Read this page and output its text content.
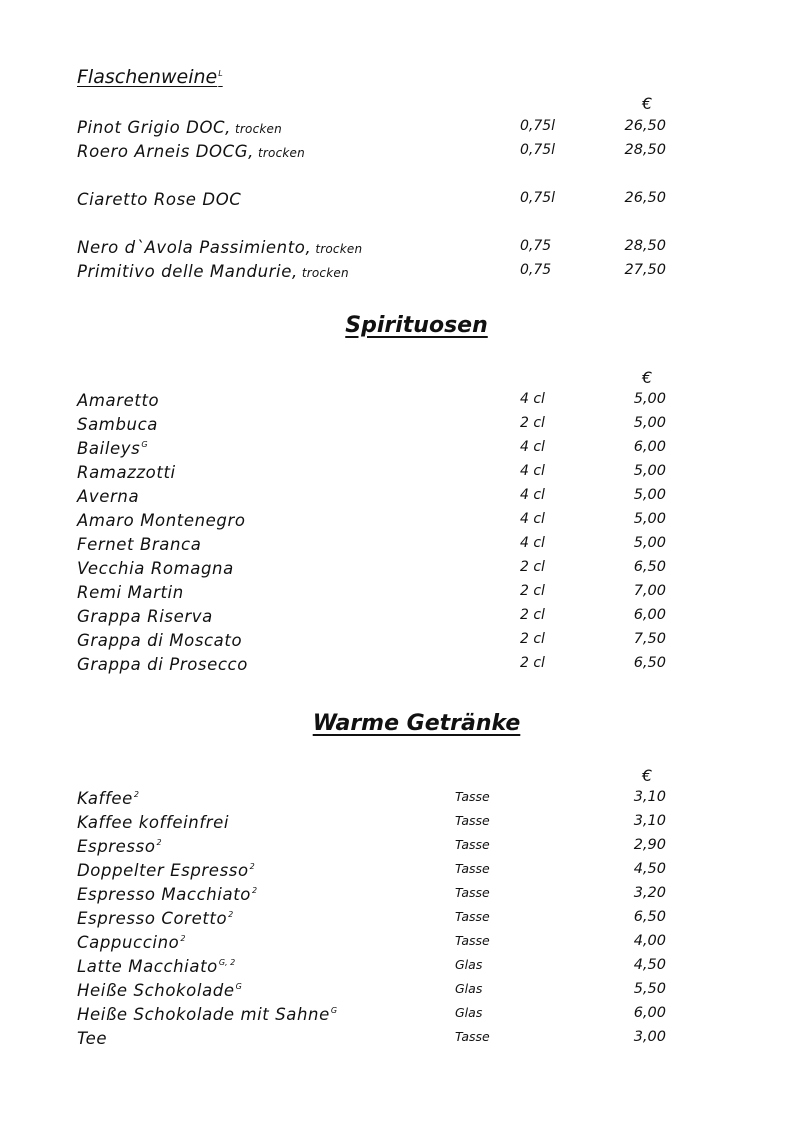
Flaschenweine$^L$
€
Pinot Grigio DOC, trocken	0,75l	26,50
Roero Arneis DOCG, trocken	0,75l	28,50
Ciaretto Rose DOC	0,75l	26,50
Nero d`Avola Passimiento, trocken	0,75	28,50
Primitivo delle Mandurie, trocken	0,75	27,50
Spirituosen
€
Amaretto	4 cl	5,00
Sambuca	2 cl	5,00
Baileys$^G$	4 cl	6,00
Ramazzotti	4 cl	5,00
Averna	4 cl	5,00
Amaro Montenegro	4 cl	5,00
Fernet Branca	4 cl	5,00
Vecchia Romagna	2 cl	6,50
Remi Martin	2 cl	7,00
Grappa Riserva	2 cl	6,00
Grappa di Moscato	2 cl	7,50
Grappa di Prosecco	2 cl	6,50
Warme Getränke
€
Kaffee$^2$	Tasse	3,10
Kaffee koffeinfrei	Tasse	3,10
Espresso$^2$	Tasse	2,90
Doppelter Espresso$^2$	Tasse	4,50
Espresso Macchiato$^2$	Tasse	3,20
Espresso Coretto$^2$	Tasse	6,50
Cappuccino$^2$	Tasse	4,00
Latte Macchiato$^{G, 2}$	Glas	4,50
Heiße Schokolade$^G$	Glas	5,50
Heiße Schokolade mit Sahne$^G$	Glas	6,00
Tee	Tasse	3,00
